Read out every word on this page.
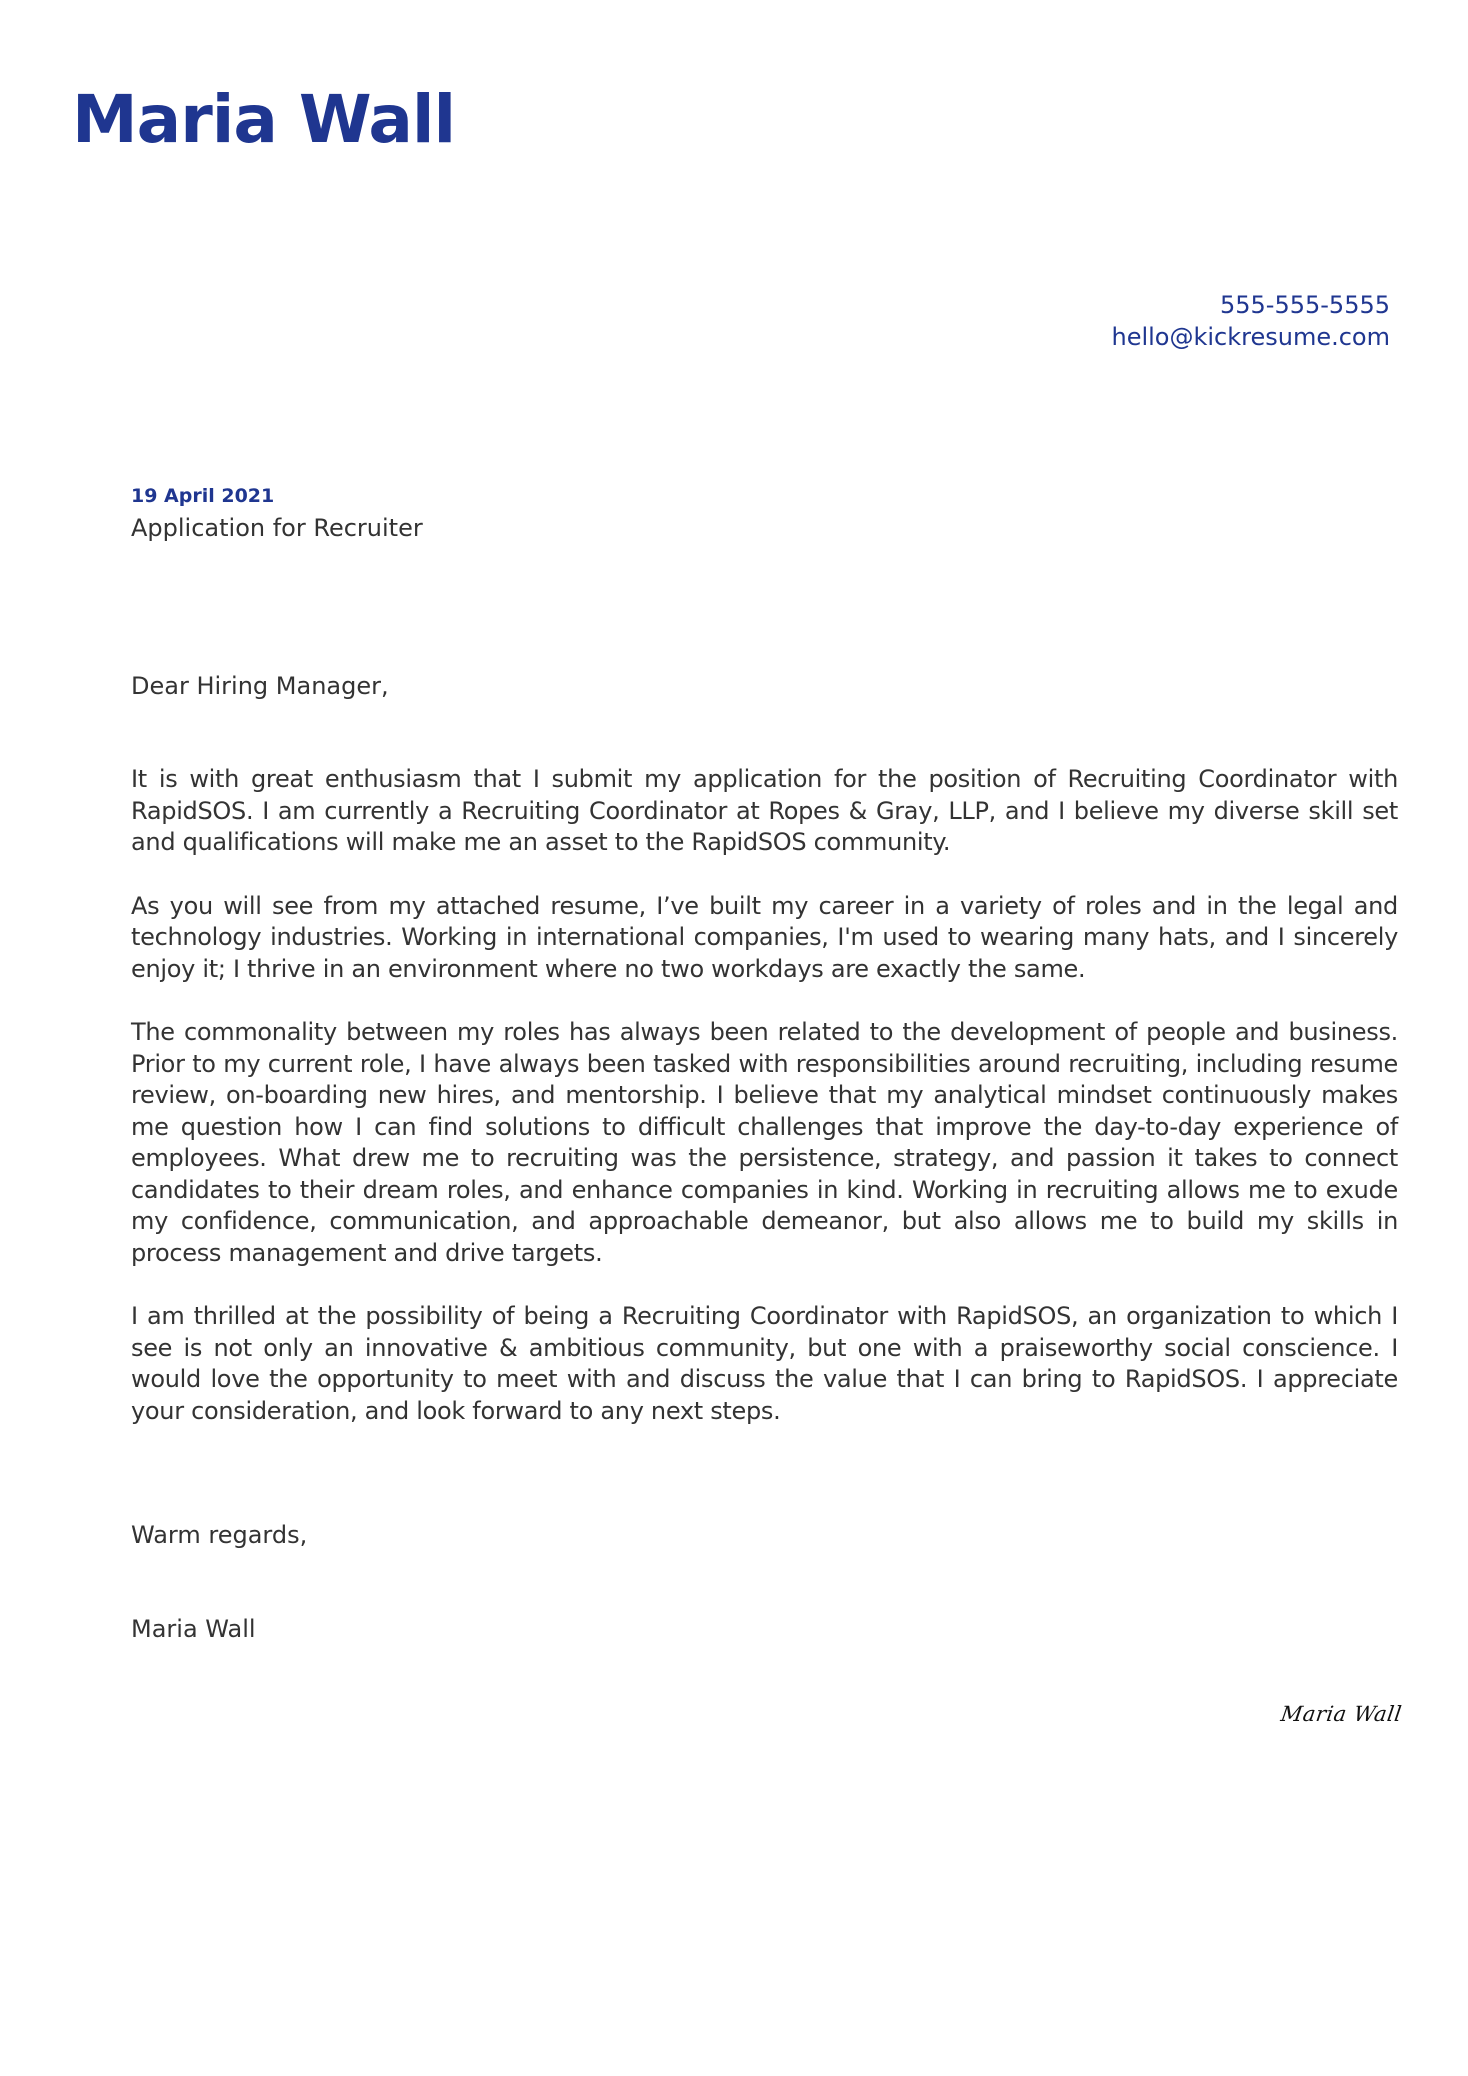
Maria Wall
555-555-5555
hello@kickresume.com
19 April 2021
Application for Recruiter
Dear Hiring Manager,

It is with great enthusiasm that I submit my application for the position of Recruiting Coordinator with RapidSOS. I am currently a Recruiting Coordinator at Ropes & Gray, LLP, and I believe my diverse skill set and qualifications will make me an asset to the RapidSOS community.

As you will see from my attached resume, I’ve built my career in a variety of roles and in the legal and technology industries. Working in international companies, I'm used to wearing many hats, and I sincerely enjoy it; I thrive in an environment where no two workdays are exactly the same.

The commonality between my roles has always been related to the development of people and business. Prior to my current role, I have always been tasked with responsibilities around recruiting, including resume review, on-boarding new hires, and mentorship. I believe that my analytical mindset continuously makes me question how I can find solutions to difficult challenges that improve the day-to-day experience of employees. What drew me to recruiting was the persistence, strategy, and passion it takes to connect candidates to their dream roles, and enhance companies in kind. Working in recruiting allows me to exude my confidence, communication, and approachable demeanor, but also allows me to build my skills in process management and drive targets.

I am thrilled at the possibility of being a Recruiting Coordinator with RapidSOS, an organization to which I see is not only an innovative & ambitious community, but one with a praiseworthy social conscience. I would love the opportunity to meet with and discuss the value that I can bring to RapidSOS. I appreciate your consideration, and look forward to any next steps.

Warm regards,
Maria Wall
Maria Wall
